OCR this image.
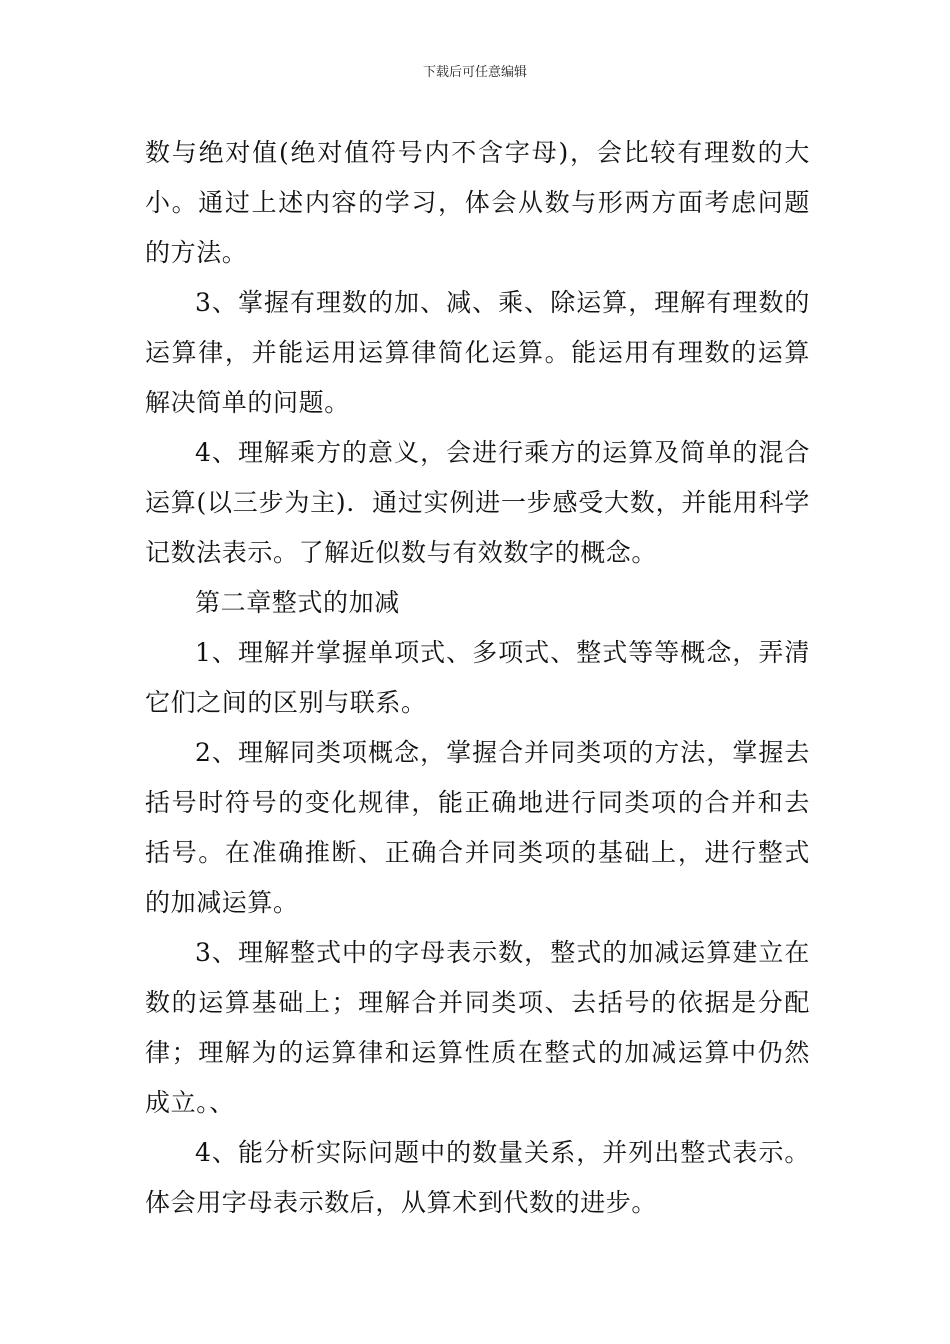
下载后可任意编辑

数与绝对值(绝对值符号内不含字母)，会比较有理数的大小。通过上述内容的学习，体会从数与形两方面考虑问题的方法。

3、掌握有理数的加、减、乘、除运算，理解有理数的运算律，并能运用运算律简化运算。能运用有理数的运算解决简单的问题。

4、理解乘方的意义，会进行乘方的运算及简单的混合运算(以三步为主)．通过实例进一步感受大数，并能用科学记数法表示。了解近似数与有效数字的概念。

第二章整式的加减

1、理解并掌握单项式、多项式、整式等等概念，弄清它们之间的区别与联系。

2、理解同类项概念，掌握合并同类项的方法，掌握去括号时符号的变化规律，能正确地进行同类项的合并和去括号。在准确推断、正确合并同类项的基础上，进行整式的加减运算。

3、理解整式中的字母表示数，整式的加减运算建立在数的运算基础上；理解合并同类项、去括号的依据是分配律；理解为的运算律和运算性质在整式的加减运算中仍然成立。、

4、能分析实际问题中的数量关系，并列出整式表示。体会用字母表示数后，从算术到代数的进步。
